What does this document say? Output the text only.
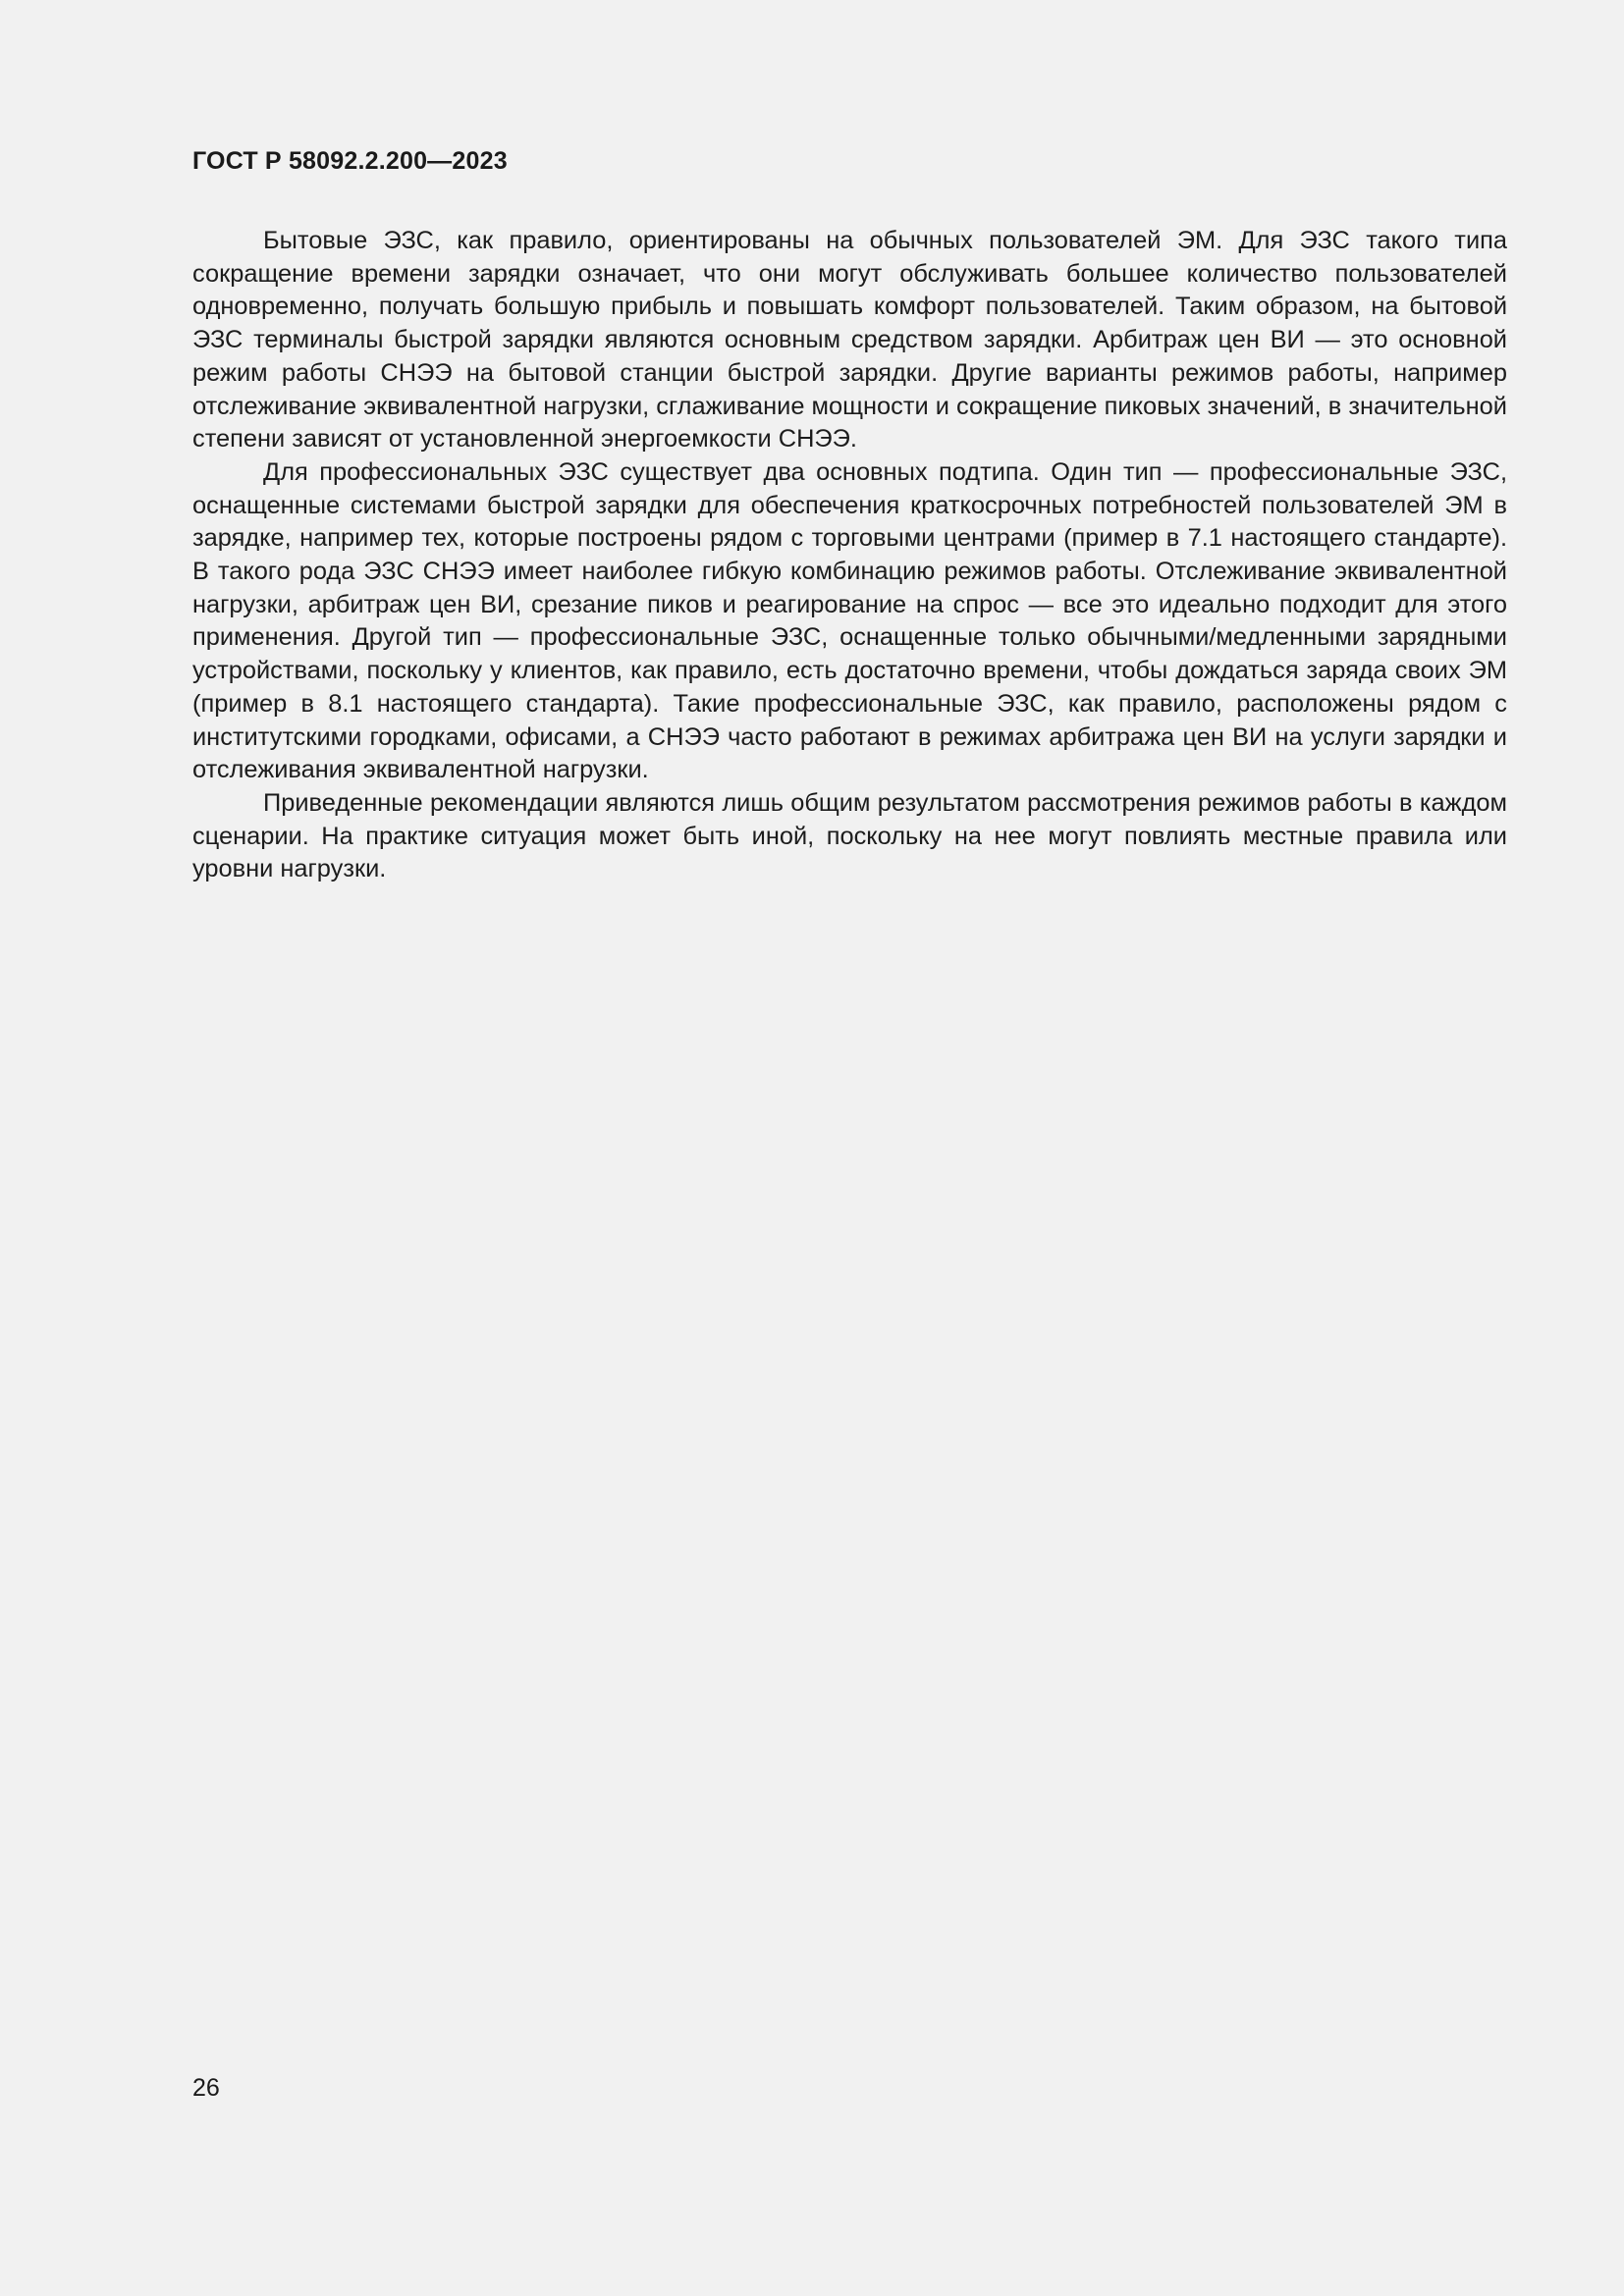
ГОСТ Р 58092.2.200—2023

Бытовые ЭЗС, как правило, ориентированы на обычных пользователей ЭМ. Для ЭЗС такого типа сокращение времени зарядки означает, что они могут обслуживать большее количество пользователей одновременно, получать большую прибыль и повышать комфорт пользователей. Таким образом, на бытовой ЭЗС терминалы быстрой зарядки являются основным средством зарядки. Арбитраж цен ВИ — это основной режим работы СНЭЭ на бытовой станции быстрой зарядки. Другие варианты режимов работы, например отслеживание эквивалентной нагрузки, сглаживание мощности и сокращение пиковых значений, в значительной степени зависят от установленной энергоемкости СНЭЭ.

Для профессиональных ЭЗС существует два основных подтипа. Один тип — профессиональные ЭЗС, оснащенные системами быстрой зарядки для обеспечения краткосрочных потребностей пользователей ЭМ в зарядке, например тех, которые построены рядом с торговыми центрами (пример в 7.1 настоящего стандарте). В такого рода ЭЗС СНЭЭ имеет наиболее гибкую комбинацию режимов работы. Отслеживание эквивалентной нагрузки, арбитраж цен ВИ, срезание пиков и реагирование на спрос — все это идеально подходит для этого применения. Другой тип — профессиональные ЭЗС, оснащенные только обычными/медленными зарядными устройствами, поскольку у клиентов, как правило, есть достаточно времени, чтобы дождаться заряда своих ЭМ (пример в 8.1 настоящего стандарта). Такие профессиональные ЭЗС, как правило, расположены рядом с институтскими городками, офисами, а СНЭЭ часто работают в режимах арбитража цен ВИ на услуги зарядки и отслеживания эквивалентной нагрузки.

Приведенные рекомендации являются лишь общим результатом рассмотрения режимов работы в каждом сценарии. На практике ситуация может быть иной, поскольку на нее могут повлиять местные правила или уровни нагрузки.

26
